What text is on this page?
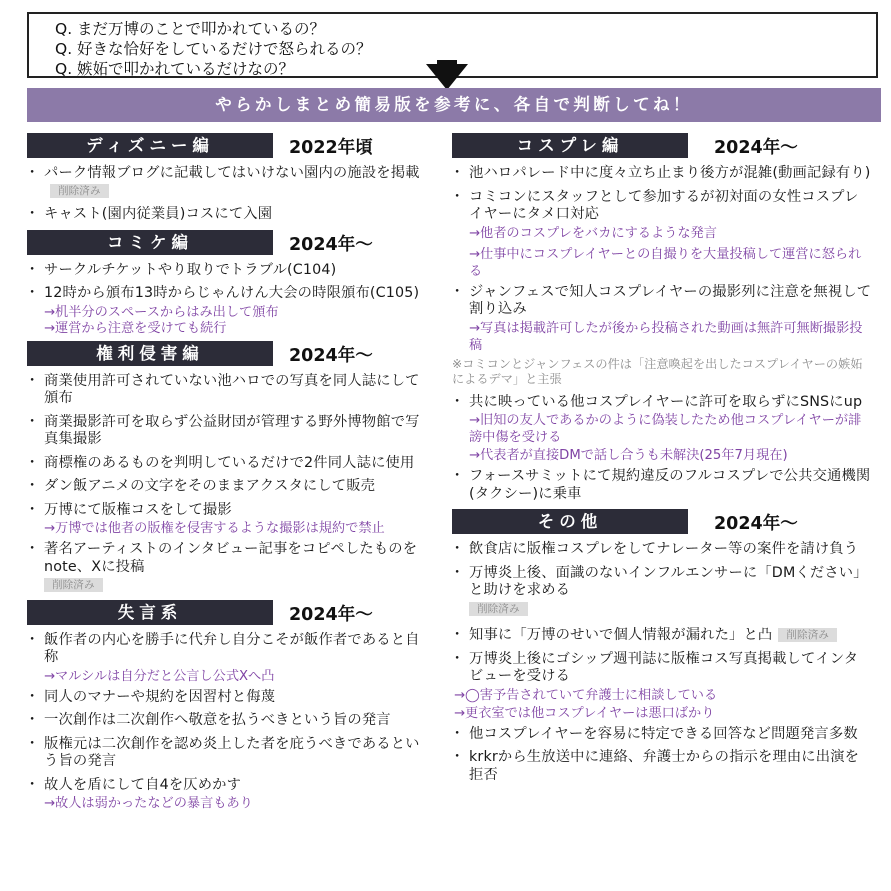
Q. まだ万博のことで叩かれているの？
Q. 好きな恰好をしているだけで怒られるの？
Q. 嫉妬で叩かれているだけなの？
やらかしまとめ簡易版を参考に、各自で判断してね！
ディズニー編	2022年頃
・ パーク情報ブログに記載してはいけない園内の施設を掲載削除済み
・ キャスト(園内従業員)コスにて入園
コミケ編	2024年〜
・ サークルチケットやり取りでトラブル(C104)
・ 12時から頒布13時からじゃんけん大会の時限頒布(C105)
→机半分のスペースからはみ出して頒布
→運営から注意を受けても続行
権利侵害編	2024年〜
・ 商業使用許可されていない池ハロでの写真を同人誌にして頒布
・ 商業撮影許可を取らず公益財団が管理する野外博物館で写真集撮影
・ 商標権のあるものを判明しているだけで2件同人誌に使用
・ ダン飯アニメの文字をそのままアクスタにして販売
・ 万博にて版権コスをして撮影
→万博では他者の版権を侵害するような撮影は規約で禁止
・ 著名アーティストのインタビュー記事をコピペしたものをnote、Xに投稿
削除済み
失言系	2024年〜
・ 飯作者の内心を勝手に代弁し自分こそが飯作者であると自称
→マルシルは自分だと公言し公式Xへ凸
・ 同人のマナーや規約を因習村と侮蔑
・ 一次創作は二次創作へ敬意を払うべきという旨の発言
・ 版権元は二次創作を認め炎上した者を庇うべきであるという旨の発言
・ 故人を盾にして自4を仄めかす
→故人は弱かったなどの暴言もあり
コスプレ編	2024年〜
・ 池ハロパレード中に度々立ち止まり後方が混雑(動画記録有り)
・ コミコンにスタッフとして参加するが初対面の女性コスプレイヤーにタメ口対応
→他者のコスプレをバカにするような発言
→仕事中にコスプレイヤーとの自撮りを大量投稿して運営に怒られる
・ ジャンフェスで知人コスプレイヤーの撮影列に注意を無視して割り込み
→写真は掲載許可したが後から投稿された動画は無許可無断撮影投稿
※コミコンとジャンフェスの件は「注意喚起を出したコスプレイヤーの嫉妬によるデマ」と主張
・ 共に映っている他コスプレイヤーに許可を取らずにSNSにup
→旧知の友人であるかのように偽装したため他コスプレイヤーが誹謗中傷を受ける
→代表者が直接DMで話し合うも未解決(25年7月現在)
・ フォースサミットにて規約違反のフルコスプレで公共交通機関(タクシー)に乗車
その他	2024年〜
・ 飲食店に版権コスプレをしてナレーター等の案件を請け負う
・ 万博炎上後、面識のないインフルエンサーに「DMください」と助けを求める
削除済み
・ 知事に「万博のせいで個人情報が漏れた」と凸 削除済み
・ 万博炎上後にゴシップ週刊誌に版権コス写真掲載してインタビューを受ける
→◯害予告されていて弁護士に相談している
→更衣室では他コスプレイヤーは悪口ばかり
・ 他コスプレイヤーを容易に特定できる回答など問題発言多数
・ krkrから生放送中に連絡、弁護士からの指示を理由に出演を拒否
